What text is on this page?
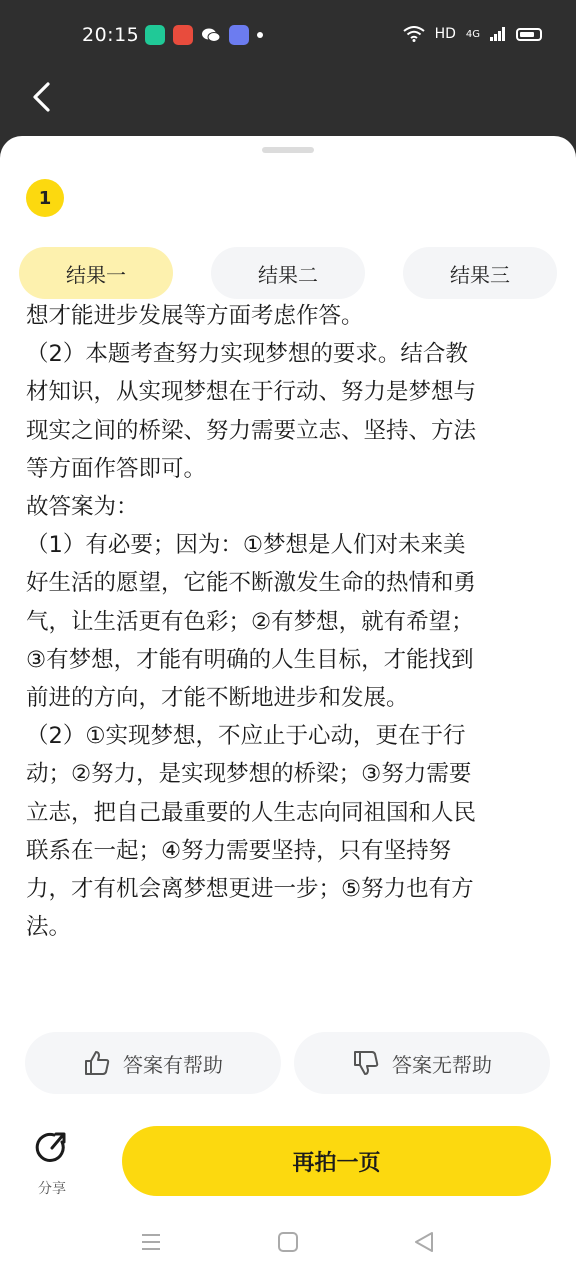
20:15	HD 4G
1
结果一	结果二	结果三

想才能进步发展等方面考虑作答。

（2）本题考查努力实现梦想的要求。结合教

材知识，从实现梦想在于行动、努力是梦想与

现实之间的桥梁、努力需要立志、坚持、方法

等方面作答即可。

故答案为：

（1）有必要；因为：①梦想是人们对未来美

好生活的愿望，它能不断激发生命的热情和勇

气，让生活更有色彩；②有梦想，就有希望；

③有梦想，才能有明确的人生目标，才能找到

前进的方向，才能不断地进步和发展。

（2）①实现梦想，不应止于心动，更在于行

动；②努力，是实现梦想的桥梁；③努力需要

立志，把自己最重要的人生志向同祖国和人民

联系在一起；④努力需要坚持，只有坚持努

力，才有机会离梦想更进一步；⑤努力也有方

法。

答案有帮助	答案无帮助
分享
再拍一页
